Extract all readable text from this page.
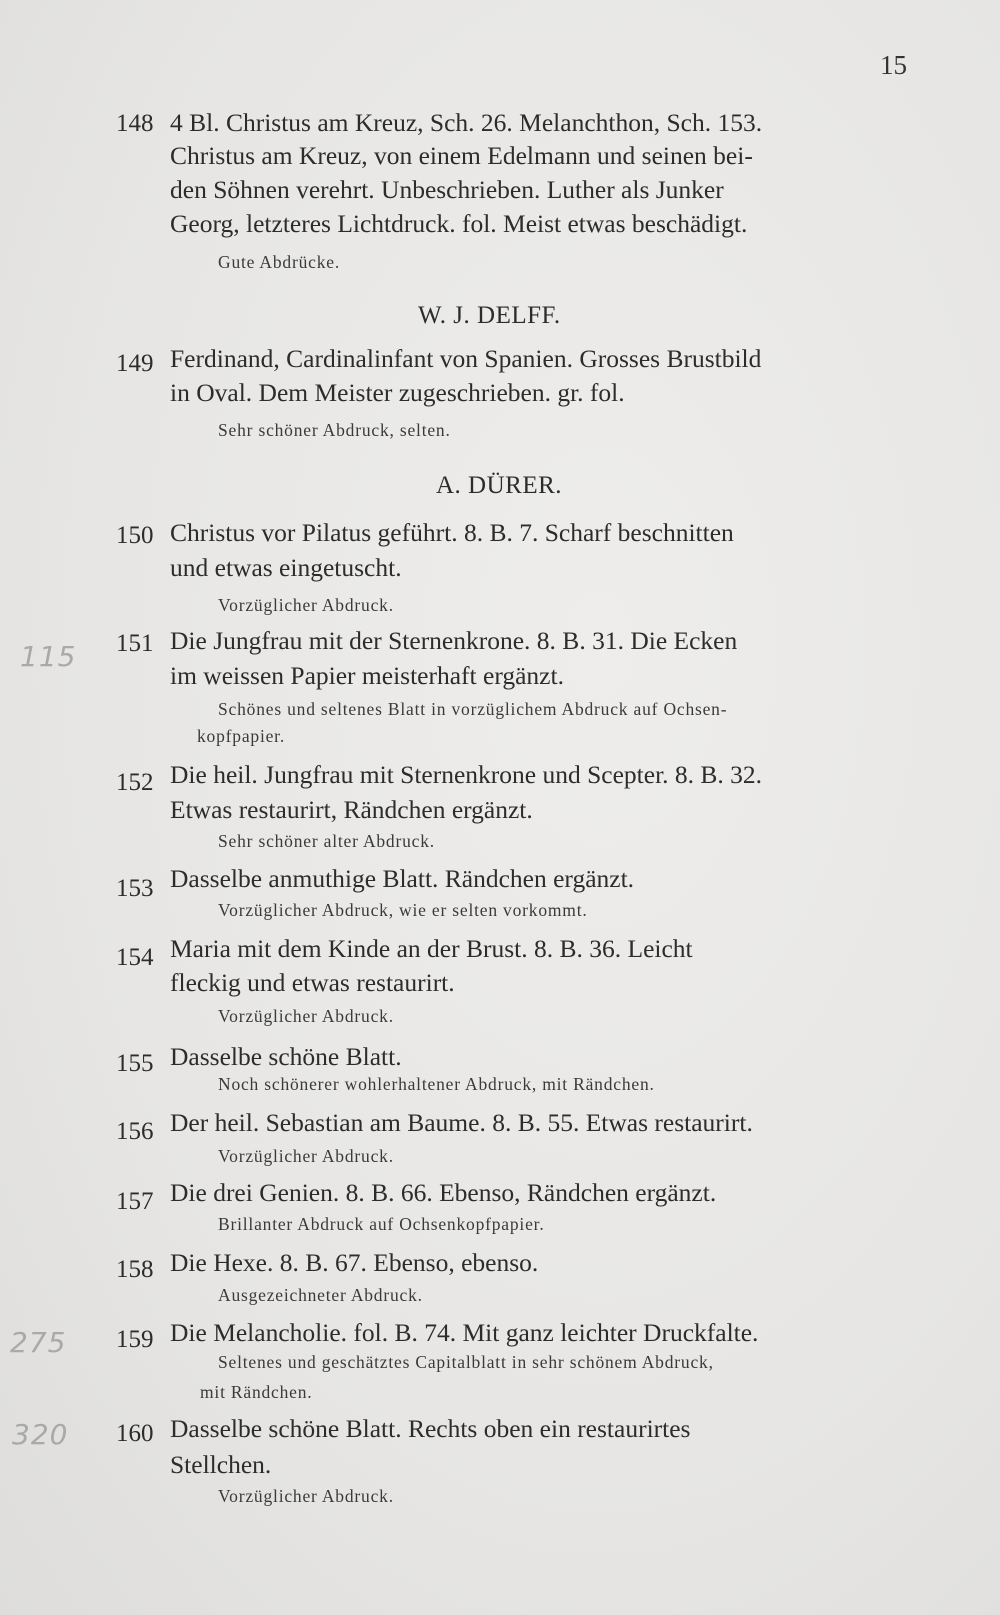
15
148 4 Bl. Christus am Kreuz, Sch. 26. Melanchthon, Sch. 153.
Christus am Kreuz, von einem Edelmann und seinen bei-
den Söhnen verehrt. Unbeschrieben. Luther als Junker
Georg, letzteres Lichtdruck. fol. Meist etwas beschädigt.
Gute Abdrücke.
W. J. DELFF.
149 Ferdinand, Cardinalinfant von Spanien. Grosses Brustbild
in Oval. Dem Meister zugeschrieben. gr. fol.
Sehr schöner Abdruck, selten.
A. DÜRER.
150 Christus vor Pilatus geführt. 8. B. 7. Scharf beschnitten
und etwas eingetuscht.
Vorzüglicher Abdruck.
151 Die Jungfrau mit der Sternenkrone. 8. B. 31. Die Ecken
im weissen Papier meisterhaft ergänzt.
Schönes und seltenes Blatt in vorzüglichem Abdruck auf Ochsen-
kopfpapier.
152 Die heil. Jungfrau mit Sternenkrone und Scepter. 8. B. 32.
Etwas restaurirt, Rändchen ergänzt.
Sehr schöner alter Abdruck.
153 Dasselbe anmuthige Blatt. Rändchen ergänzt.
Vorzüglicher Abdruck, wie er selten vorkommt.
154 Maria mit dem Kinde an der Brust. 8. B. 36. Leicht
fleckig und etwas restaurirt.
Vorzüglicher Abdruck.
155 Dasselbe schöne Blatt.
Noch schönerer wohlerhaltener Abdruck, mit Rändchen.
156 Der heil. Sebastian am Baume. 8. B. 55. Etwas restaurirt.
Vorzüglicher Abdruck.
157 Die drei Genien. 8. B. 66. Ebenso, Rändchen ergänzt.
Brillanter Abdruck auf Ochsenkopfpapier.
158 Die Hexe. 8. B. 67. Ebenso, ebenso.
Ausgezeichneter Abdruck.
159 Die Melancholie. fol. B. 74. Mit ganz leichter Druckfalte.
Seltenes und geschätztes Capitalblatt in sehr schönem Abdruck,
mit Rändchen.
160 Dasselbe schöne Blatt. Rechts oben ein restaurirtes
Stellchen.
Vorzüglicher Abdruck.
115
275
320
